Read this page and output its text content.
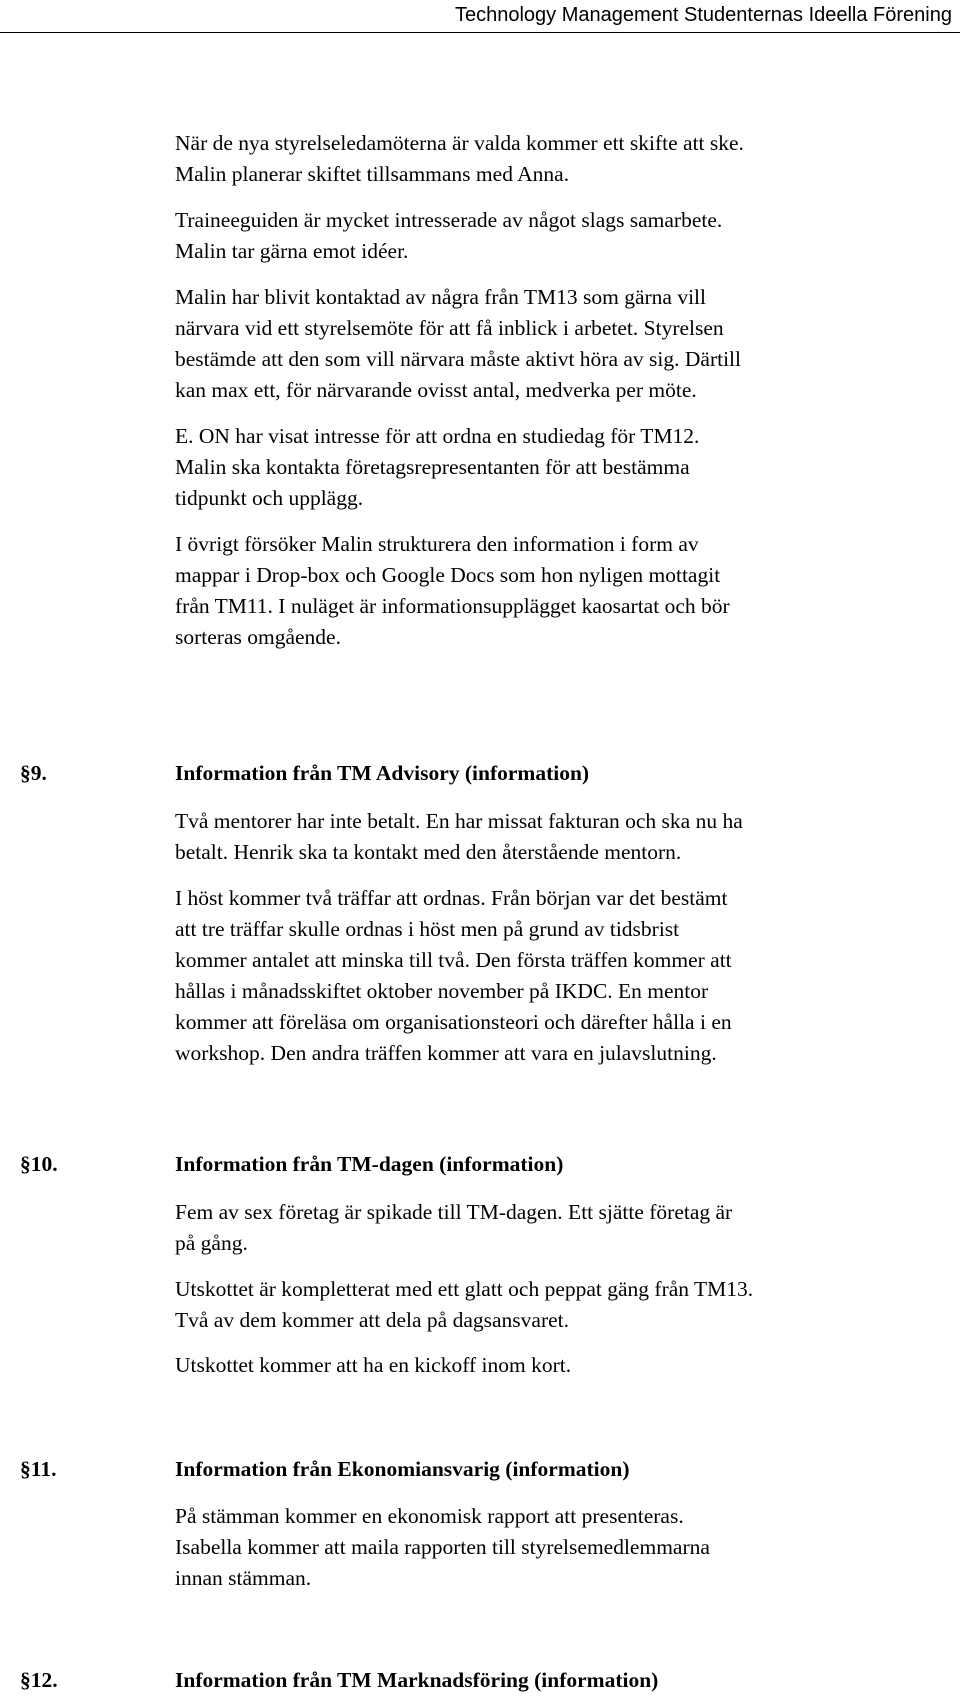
Technology Management Studenternas Ideella Förening

När de nya styrelseledamöterna är valda kommer ett skifte att ske.
Malin planerar skiftet tillsammans med Anna.

Traineeguiden är mycket intresserade av något slags samarbete.
Malin tar gärna emot idéer.

Malin har blivit kontaktad av några från TM13 som gärna vill
närvara vid ett styrelsemöte för att få inblick i arbetet. Styrelsen
bestämde att den som vill närvara måste aktivt höra av sig. Därtill
kan max ett, för närvarande ovisst antal, medverka per möte.

E. ON har visat intresse för att ordna en studiedag för TM12.
Malin ska kontakta företagsrepresentanten för att bestämma
tidpunkt och upplägg.

I övrigt försöker Malin strukturera den information i form av
mappar i Drop-box och Google Docs som hon nyligen mottagit
från TM11. I nuläget är informationsupplägget kaosartat och bör
sorteras omgående.

§9.	Information från TM Advisory (information)

Två mentorer har inte betalt. En har missat fakturan och ska nu ha
betalt. Henrik ska ta kontakt med den återstående mentorn.

I höst kommer två träffar att ordnas. Från början var det bestämt
att tre träffar skulle ordnas i höst men på grund av tidsbrist
kommer antalet att minska till två. Den första träffen kommer att
hållas i månadsskiftet oktober november på IKDC. En mentor
kommer att föreläsa om organisationsteori och därefter hålla i en
workshop. Den andra träffen kommer att vara en julavslutning.

§10.	Information från TM-dagen (information)

Fem av sex företag är spikade till TM-dagen. Ett sjätte företag är
på gång.

Utskottet är kompletterat med ett glatt och peppat gäng från TM13.
Två av dem kommer att dela på dagsansvaret.

Utskottet kommer att ha en kickoff inom kort.

§11.	Information från Ekonomiansvarig (information)

På stämman kommer en ekonomisk rapport att presenteras.
Isabella kommer att maila rapporten till styrelsemedlemmarna
innan stämman.

§12.	Information från TM Marknadsföring (information)
